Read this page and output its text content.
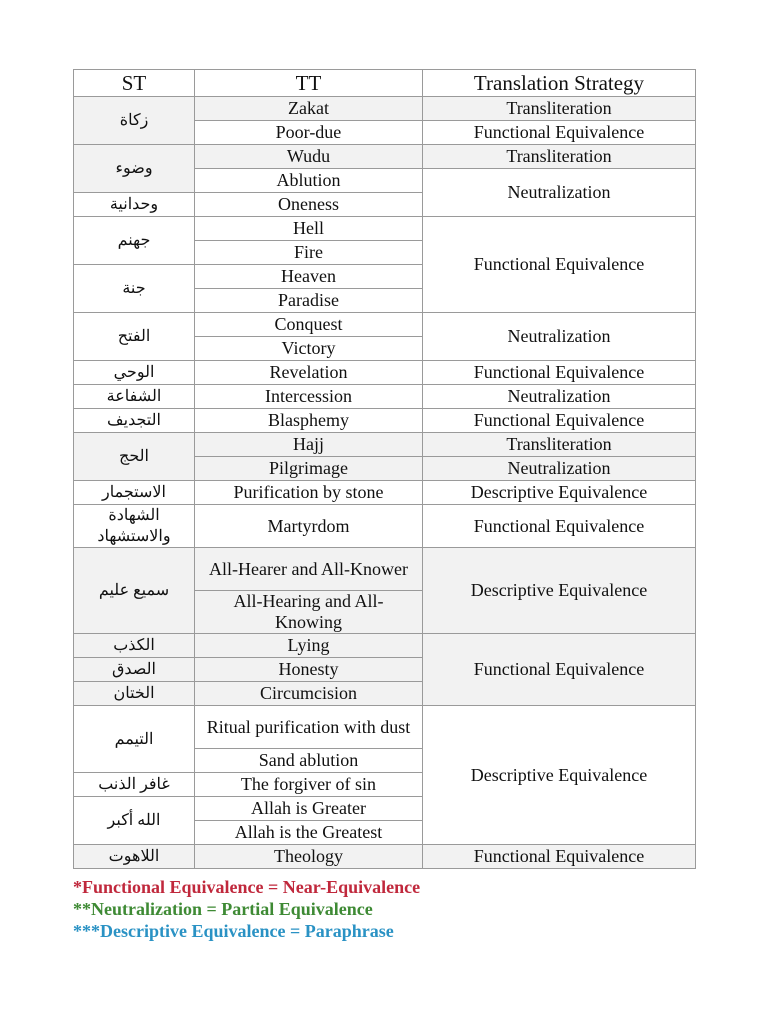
ST	TT	Translation Strategy
زكاة	Zakat	Transliteration
	Poor-due	Functional Equivalence
وضوء	Wudu	Transliteration
	Ablution	Neutralization
وحدانية	Oneness	
جهنم	Hell	Functional Equivalence
	Fire	
جنة	Heaven	
	Paradise	
الفتح	Conquest	Neutralization
	Victory	
الوحي	Revelation	Functional Equivalence
الشفاعة	Intercession	Neutralization
التجديف	Blasphemy	Functional Equivalence
الحج	Hajj	Transliteration
	Pilgrimage	Neutralization
الاستجمار	Purification by stone	Descriptive Equivalence
الشهادة والاستشهاد	Martyrdom	Functional Equivalence
سميع عليم	All-Hearer and All-Knower	Descriptive Equivalence
	All-Hearing and All-Knowing	
الكذب	Lying	Functional Equivalence
الصدق	Honesty	
الختان	Circumcision	
التيمم	Ritual purification with dust	Descriptive Equivalence
	Sand ablution	
غافر الذنب	The forgiver of sin	
الله أكبر	Allah is Greater	
	Allah is the Greatest	
اللاهوت	Theology	Functional Equivalence
*Functional Equivalence = Near-Equivalence
**Neutralization = Partial Equivalence
***Descriptive Equivalence = Paraphrase
